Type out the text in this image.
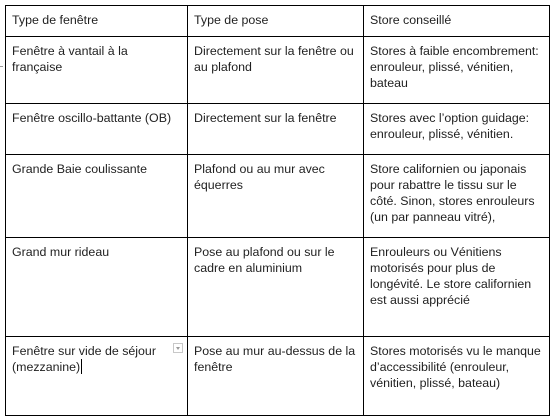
Type de fenêtre	Type de pose	Store conseillé
Fenêtre à vantail à la française	Directement sur la fenêtre ou au plafond	Stores à faible encombrement: enrouleur, plissé, vénitien, bateau
Fenêtre oscillo-battante (OB)	Directement sur la fenêtre	Stores avec l’option guidage: enrouleur, plissé, vénitien.
Grande Baie coulissante	Plafond ou au mur avec équerres	Store californien ou japonais pour rabattre le tissu sur le côté. Sinon, stores enrouleurs (un par panneau vitré),
Grand mur rideau	Pose au plafond ou sur le cadre en aluminium	Enrouleurs ou Vénitiens motorisés pour plus de longévité. Le store californien est aussi apprécié

Fenêtre sur vide de séjour (mezzanine)	Pose au mur au-dessus de la fenêtre	Stores motorisés vu le manque d’accessibilité (enrouleur, vénitien, plissé, bateau)
